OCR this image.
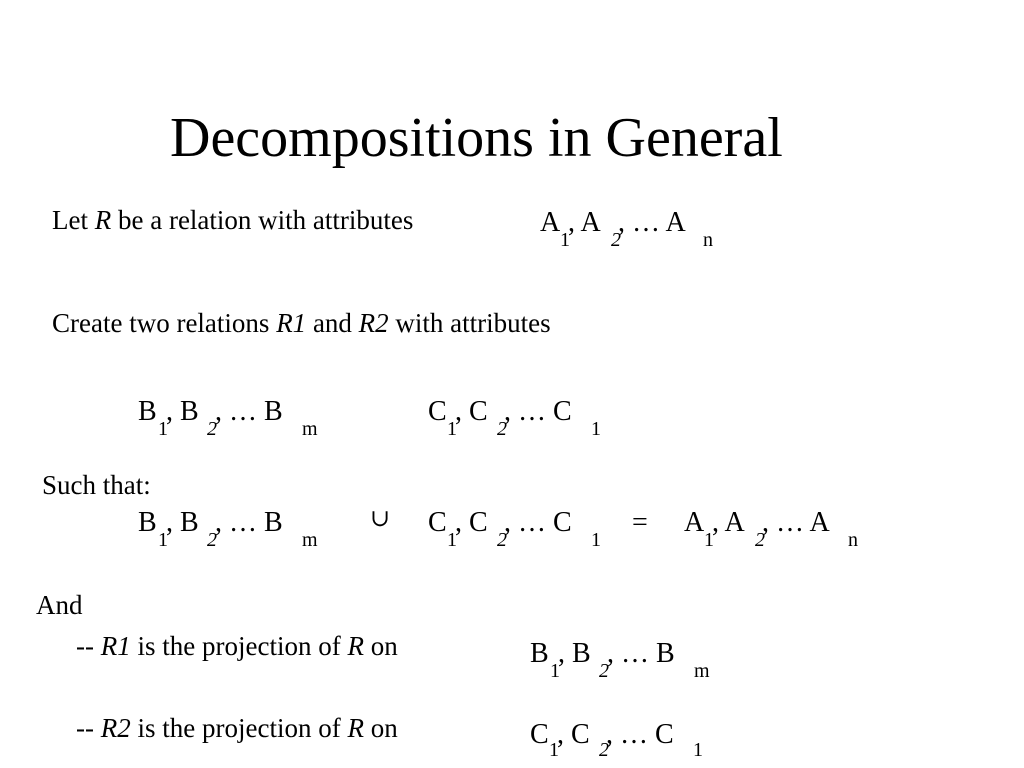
Decompositions in General
Let R be a relation with attributes	A
1
, A
2
, … A
n
Create two relations R1 and R2 with attributes
B
1
, B
2
, … B
m
C
1
, C
2
, … C
1
Such that:
B
1
, B
2
, … B
m
∪ C
1
, C
2
, … C
1
= A
1
, A
2
, … A
n
And
-- R1 is the projection of R on	B
1
, B
2
, … B
m
-- R2 is the projection of R on	C 1
, C 2
, … C 1
